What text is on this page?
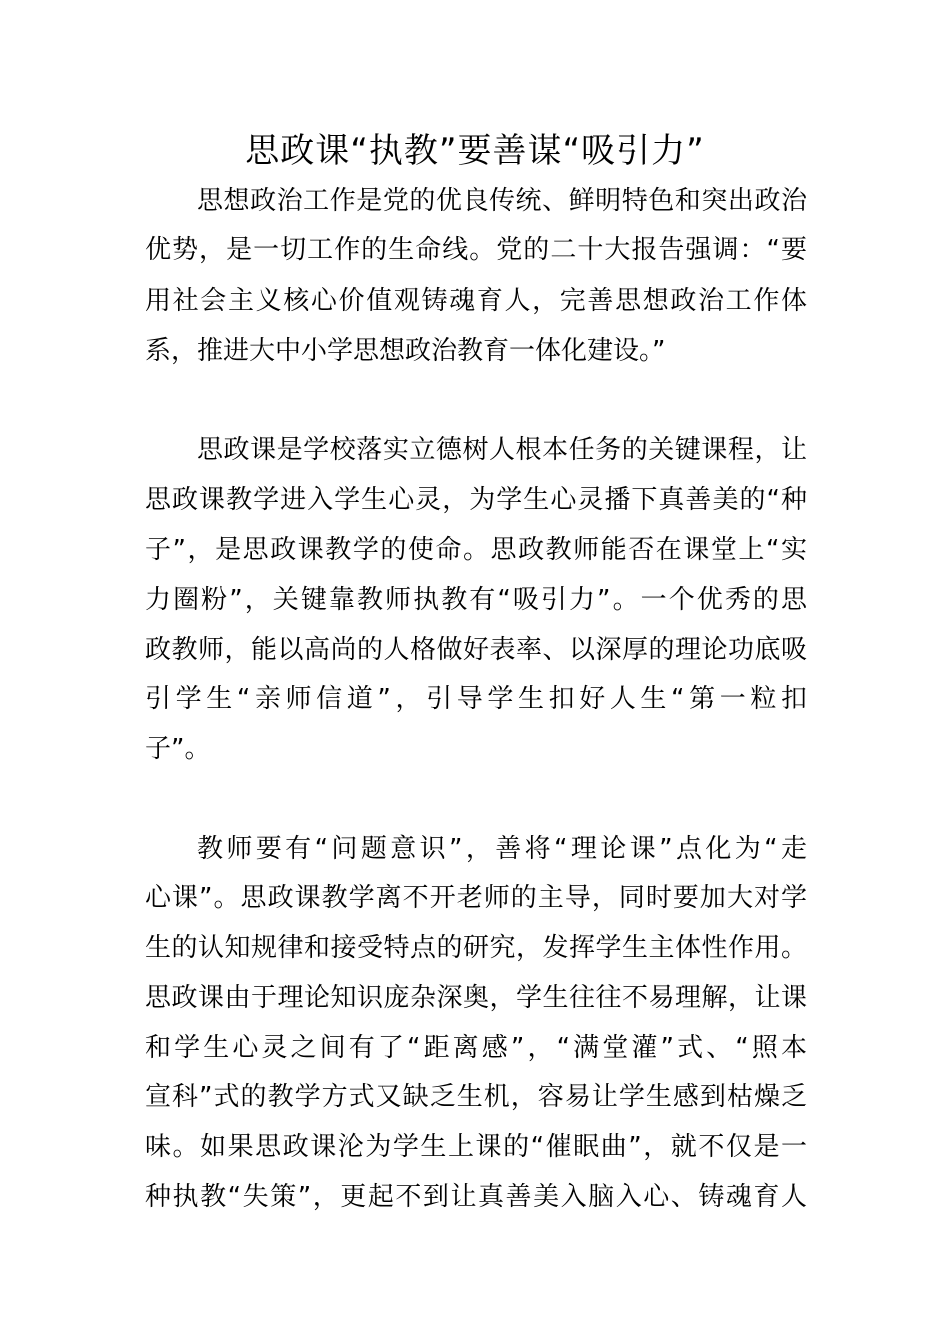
思政课“执教”要善谋“吸引力”
思想政治工作是党的优良传统、鲜明特色和突出政治
优势，是一切工作的生命线。党的二十大报告强调：“要
用社会主义核心价值观铸魂育人，完善思想政治工作体
系，推进大中小学思想政治教育一体化建设。”
思政课是学校落实立德树人根本任务的关键课程，让
思政课教学进入学生心灵，为学生心灵播下真善美的“种
子”，是思政课教学的使命。思政教师能否在课堂上“实
力圈粉”，关键靠教师执教有“吸引力”。一个优秀的思
政教师，能以高尚的人格做好表率、以深厚的理论功底吸
引学生“亲师信道”，引导学生扣好人生“第一粒扣
子”。
教师要有“问题意识”，善将“理论课”点化为“走
心课”。思政课教学离不开老师的主导，同时要加大对学
生的认知规律和接受特点的研究，发挥学生主体性作用。
思政课由于理论知识庞杂深奥，学生往往不易理解，让课
和学生心灵之间有了“距离感”，“满堂灌”式、“照本
宣科”式的教学方式又缺乏生机，容易让学生感到枯燥乏
味。如果思政课沦为学生上课的“催眠曲”，就不仅是一
种执教“失策”，更起不到让真善美入脑入心、铸魂育人
